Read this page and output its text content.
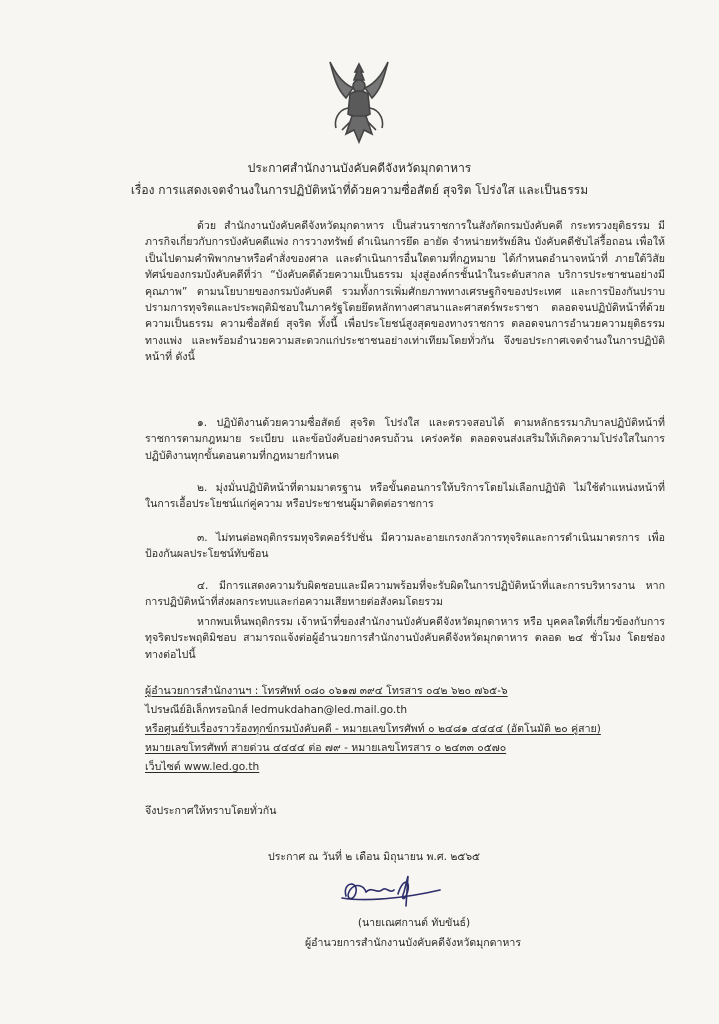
ประกาศสำนักงานบังคับคดีจังหวัดมุกดาหาร
เรื่อง การแสดงเจตจำนงในการปฏิบัติหน้าที่ด้วยความซื่อสัตย์ สุจริต โปร่งใส และเป็นธรรม

ด้วย สำนักงานบังคับคดีจังหวัดมุกดาหาร เป็นส่วนราชการในสังกัดกรมบังคับคดี กระทรวงยุติธรรม มีภารกิจเกี่ยวกับการบังคับคดีแพ่ง การวางทรัพย์ ดำเนินการยึด อายัด จำหน่ายทรัพย์สิน บังคับคดีชับไล่รื้อถอน เพื่อให้เป็นไปตามคำพิพากษาหรือคำสั่งของศาล และดำเนินการอื่นใดตามที่กฎหมาย ได้กำหนดอำนาจหน้าที่ ภายใต้วิสัยทัศน์ของกรมบังคับคดีที่ว่า “บังคับคดีด้วยความเป็นธรรม มุ่งสู่องค์กรชั้นนำในระดับสากล บริการประชาชนอย่างมีคุณภาพ” ตามนโยบายของกรมบังคับคดี รวมทั้งการเพิ่มศักยภาพทางเศรษฐกิจของประเทศ และการป้องกันปราบปรามการทุจริตและประพฤติมิชอบในภาครัฐโดยยึดหลักทางศาสนาและศาสตร์พระราชา ตลอดจนปฏิบัติหน้าที่ด้วยความเป็นธรรม ความซื่อสัตย์ สุจริต ทั้งนี้ เพื่อประโยชน์สูงสุดของทางราชการ ตลอดจนการอำนวยความยุติธรรมทางแพ่ง และพร้อมอำนวยความสะดวกแก่ประชาชนอย่างเท่าเทียมโดยทั่วกัน จึงขอประกาศเจตจำนงในการปฏิบัติหน้าที่ ดังนี้

๑. ปฏิบัติงานด้วยความซื่อสัตย์ สุจริต โปร่งใส และตรวจสอบได้ ตามหลักธรรมาภิบาลปฏิบัติหน้าที่ ราชการตามกฎหมาย ระเบียบ และข้อบังคับอย่างครบถ้วน เคร่งครัด ตลอดจนส่งเสริมให้เกิดความโปร่งใสในการ ปฏิบัติงานทุกขั้นตอนตามที่กฎหมายกำหนด

๒. มุ่งมั่นปฏิบัติหน้าที่ตามมาตรฐาน หรือขั้นตอนการให้บริการโดยไม่เลือกปฏิบัติ ไม่ใช้ตำแหน่งหน้าที่ ในการเอื้อประโยชน์แก่คู่ความ หรือประชาชนผู้มาติดต่อราชการ

๓. ไม่ทนต่อพฤติกรรมทุจริตคอร์รัปชั่น มีความละอายเกรงกลัวการทุจริตและการดำเนินมาตรการ เพื่อป้องกันผลประโยชน์ทับซ้อน

๔. มีการแสดงความรับผิดชอบและมีความพร้อมที่จะรับผิดในการปฏิบัติหน้าที่และการบริหารงาน หากการปฏิบัติหน้าที่ส่งผลกระทบและก่อความเสียหายต่อสังคมโดยรวม

หากพบเห็นพฤติกรรม เจ้าหน้าที่ของสำนักงานบังคับคดีจังหวัดมุกดาหาร หรือ บุคคลใดที่เกี่ยวข้องกับการ ทุจริตประพฤติมิชอบ สามารถแจ้งต่อผู้อำนวยการสำนักงานบังคับคดีจังหวัดมุกดาหาร ตลอด ๒๔ ชั่วโมง โดยช่องทางต่อไปนี้

ผู้อำนวยการสำนักงานฯ : โทรศัพท์ ๐๘๐ ๐๖๑๗ ๓๙๔ โทรสาร ๐๔๒ ๖๒๐ ๗๖๕-๖
ไปรษณีย์อิเล็กทรอนิกส์ ledmukdahan@led.mail.go.th
หรือศูนย์รับเรื่องราวร้องทุกข์กรมบังคับคดี - หมายเลขโทรศัพท์ ๐ ๒๔๘๑ ๔๔๔๔ (อัตโนมัติ ๒๐ คู่สาย)
หมายเลขโทรศัพท์ สายด่วน ๔๔๔๔ ต่อ ๗๙ - หมายเลขโทรสาร ๐ ๒๔๓๓ ๐๕๗๐
เว็บไซต์ www.led.go.th
จึงประกาศให้ทราบโดยทั่วกัน
ประกาศ ณ วันที่ ๒ เดือน มิถุนายน พ.ศ. ๒๕๖๕
(นายเณศกานต์ ทับขันธ์)
ผู้อำนวยการสำนักงานบังคับคดีจังหวัดมุกดาหาร
